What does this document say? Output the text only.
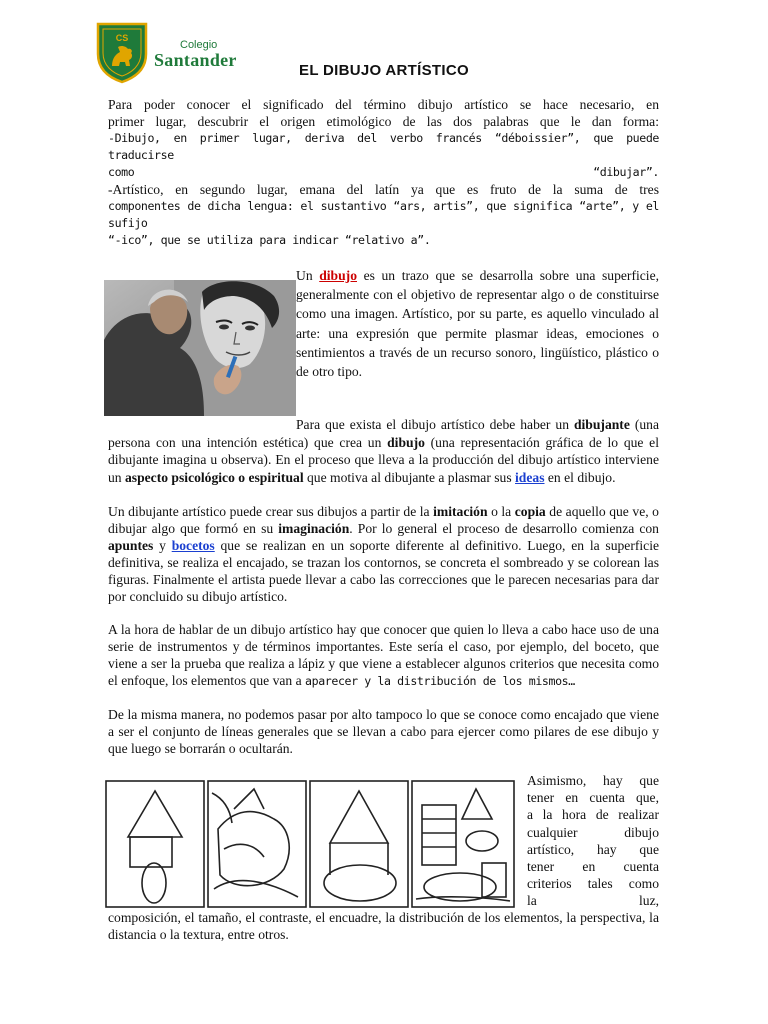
CS
Colegio
Santander
EL DIBUJO ARTÍSTICO
Para poder conocer el significado del término dibujo artístico se hace necesario, en
primer lugar, descubrir el origen etimológico de las dos palabras que le dan forma:
-Dibujo, en primer lugar, deriva del verbo francés “déboissier”, que puede traducirse
como	“dibujar”.
-Artístico, en segundo lugar, emana del latín ya que es fruto de la suma de tres
componentes de dicha lengua: el sustantivo “ars, artis”, que significa “arte”, y el sufijo
“-ico”, que se utiliza para indicar “relativo a”.

Un dibujo es un trazo que se desarrolla sobre una superficie, generalmente con el objetivo de representar algo o de constituirse como una imagen. Artístico, por su parte, es aquello vinculado al arte: una expresión que permite plasmar ideas, emociones o sentimientos a través de un recurso sonoro, lingüístico, plástico o de otro tipo.

Para que exista el dibujo artístico debe haber un dibujante (una persona con una intención estética) que crea un dibujo (una representación gráfica de lo que el dibujante imagina u observa). En el proceso que lleva a la producción del dibujo artístico interviene un aspecto psicológico o espiritual que motiva al dibujante a plasmar sus ideas en el dibujo.

Un dibujante artístico puede crear sus dibujos a partir de la imitación o la copia de aquello que ve, o dibujar algo que formó en su imaginación. Por lo general el proceso de desarrollo comienza con apuntes y bocetos que se realizan en un soporte diferente al definitivo. Luego, en la superficie definitiva, se realiza el encajado, se trazan los contornos, se concreta el sombreado y se colorean las figuras. Finalmente el artista puede llevar a cabo las correcciones que le parecen necesarias para dar por concluido su dibujo artístico.

A la hora de hablar de un dibujo artístico hay que conocer que quien lo lleva a cabo hace uso de una serie de instrumentos y de términos importantes. Este sería el caso, por ejemplo, del boceto, que viene a ser la prueba que realiza a lápiz y que viene a establecer algunos criterios que necesita como el enfoque, los elementos que van a aparecer y la distribución de los mismos…

De la misma manera, no podemos pasar por alto tampoco lo que se conoce como encajado que viene a ser el conjunto de líneas generales que se llevan a cabo para ejercer como pilares de ese dibujo y que luego se borrarán o ocultarán.

Asimismo, hay que
tener en cuenta que,
a la hora de realizar
cualquier dibujo
artístico, hay que
tener en cuenta
criterios tales como
la luz,

composición, el tamaño, el contraste, el encuadre, la distribución de los elementos, la perspectiva, la distancia o la textura, entre otros.
